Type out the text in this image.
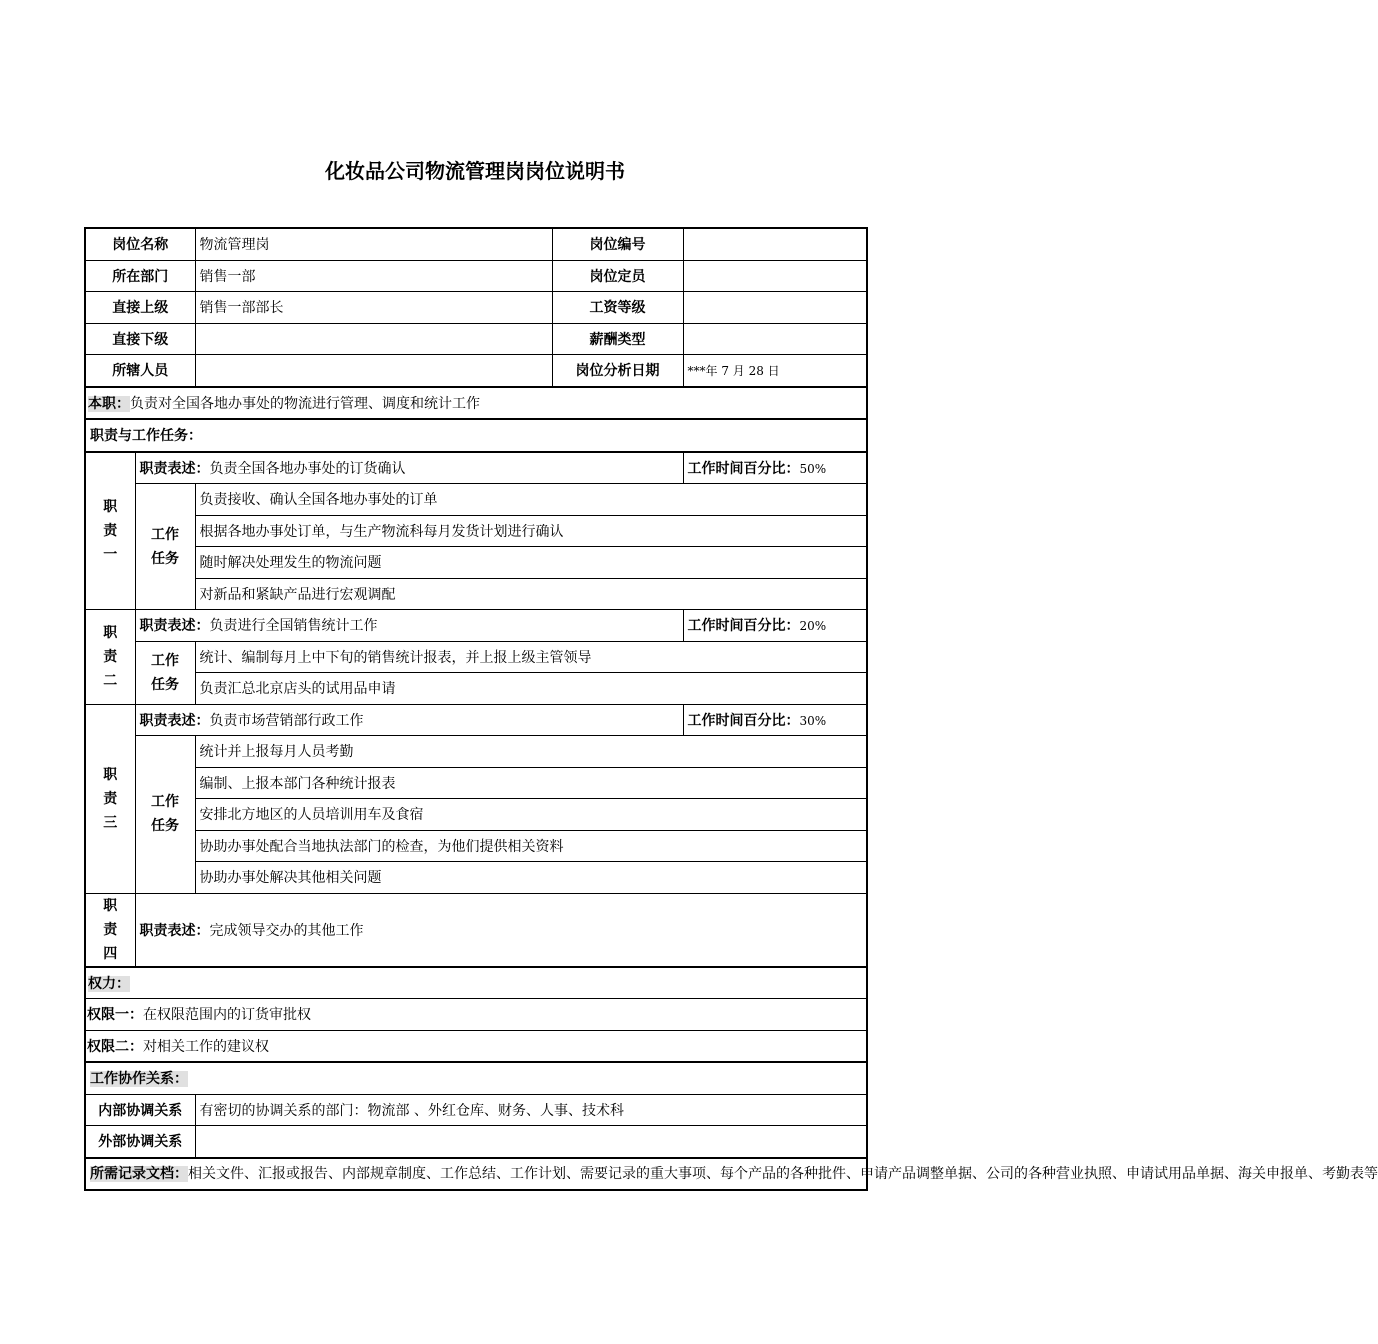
化妆品公司物流管理岗岗位说明书
岗位名称		物流管理岗	岗位编号	
所在部门		销售一部	岗位定员	
直接上级		销售一部部长	工资等级	
直接下级			薪酬类型	
所辖人员			岗位分析日期	***年 7 月 28 日
本职：负责对全国各地办事处的物流进行管理、调度和统计工作				
职责与工作任务：				

职
责
一	职责表述：负责全国各地办事处的订货确认			工作时间百分比：50%

	工作
任务	负责接收、确认全国各地办事处的订单		
		根据各地办事处订单，与生产物流科每月发货计划进行确认		
		随时解决处理发生的物流问题		
		对新品和紧缺产品进行宏观调配		

职
责
二	职责表述：负责进行全国销售统计工作			工作时间百分比：20%

	工作
任务	统计、编制每月上中下旬的销售统计报表，并上报上级主管领导		
		负责汇总北京店头的试用品申请		

职
责
三	职责表述：负责市场营销部行政工作			工作时间百分比：30%

	工作
任务	统计并上报每月人员考勤		
		编制、上报本部门各种统计报表		
		安排北方地区的人员培训用车及食宿		
		协助办事处配合当地执法部门的检查，为他们提供相关资料		
		协助办事处解决其他相关问题		

职
责
四	职责表述：完成领导交办的其他工作			
权力：				
权限一：在权限范围内的订货审批权				
权限二：对相关工作的建议权				
工作协作关系：				
内部协调关系		有密切的协调关系的部门：物流部 、外红仓库、财务、人事、技术科		
外部协调关系				
所需记录文档：相关文件、汇报或报告、内部规章制度、工作总结、工作计划、需要记录的重大事项、每个产品的各种批件、申请产品调整单据、公司的各种营业执照、申请试用品单据、海关申报单、考勤表等				
